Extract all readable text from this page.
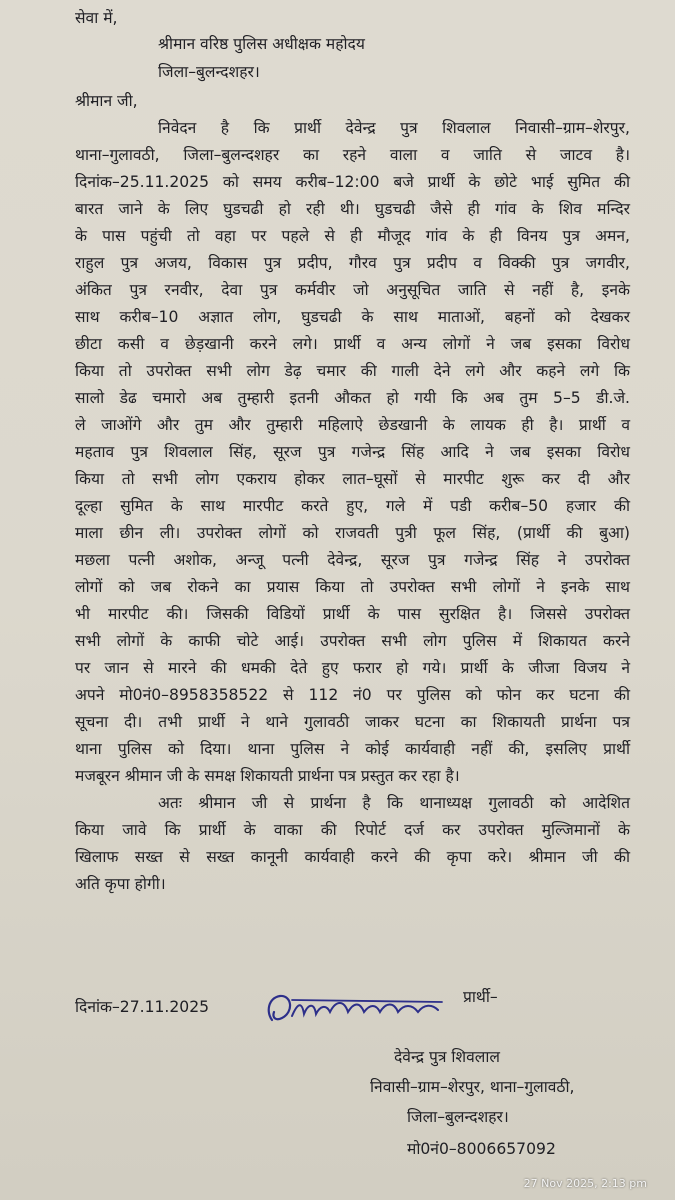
सेवा में,
श्रीमान वरिष्ठ पुलिस अधीक्षक महोदय
जिला–बुलन्दशहर।
श्रीमान जी,
निवेदन है कि प्रार्थी देवेन्द्र पुत्र शिवलाल निवासी–ग्राम–शेरपुर,
थाना–गुलावठी, जिला–बुलन्दशहर का रहने वाला व जाति से जाटव है।
दिनांक–25.11.2025 को समय करीब–12:00 बजे प्रार्थी के छोटे भाई सुमित की
बारत जाने के लिए घुडचढी हो रही थी। घुडचढी जैसे ही गांव के शिव मन्दिर
के पास पहुंची तो वहा पर पहले से ही मौजूद गांव के ही विनय पुत्र अमन,
राहुल पुत्र अजय, विकास पुत्र प्रदीप, गौरव पुत्र प्रदीप व विक्की पुत्र जगवीर,
अंकित पुत्र रनवीर, देवा पुत्र कर्मवीर जो अनुसूचित जाति से नहीं है, इनके
साथ करीब–10 अज्ञात लोग, घुडचढी के साथ माताओं, बहनों को देखकर
छीटा कसी व छेड़खानी करने लगे। प्रार्थी व अन्य लोगों ने जब इसका विरोध
किया तो उपरोक्त सभी लोग डेढ़ चमार की गाली देने लगे और कहने लगे कि
सालो डेढ चमारो अब तुम्हारी इतनी औकत हो गयी कि अब तुम 5–5 डी.जे.
ले जाओंगे और तुम और तुम्हारी महिलाऐ छेडखानी के लायक ही है। प्रार्थी व
महताव पुत्र शिवलाल सिंह, सूरज पुत्र गजेन्द्र सिंह आदि ने जब इसका विरोध
किया तो सभी लोग एकराय होकर लात–घूसों से मारपीट शुरू कर दी और
दूल्हा सुमित के साथ मारपीट करते हुए, गले में पडी करीब–50 हजार की
माला छीन ली। उपरोक्त लोगों को राजवती पुत्री फूल सिंह, (प्रार्थी की बुआ)
मछला पत्नी अशोक, अन्जू पत्नी देवेन्द्र, सूरज पुत्र गजेन्द्र सिंह ने उपरोक्त
लोगों को जब रोकने का प्रयास किया तो उपरोक्त सभी लोगों ने इनके साथ
भी मारपीट की। जिसकी विडियों प्रार्थी के पास सुरक्षित है। जिससे उपरोक्त
सभी लोगों के काफी चोटे आई। उपरोक्त सभी लोग पुलिस में शिकायत करने
पर जान से मारने की धमकी देते हुए फरार हो गये। प्रार्थी के जीजा विजय ने
अपने मो0नं0–8958358522 से 112 नं0 पर पुलिस को फोन कर घटना की
सूचना दी। तभी प्रार्थी ने थाने गुलावठी जाकर घटना का शिकायती प्रार्थना पत्र
थाना पुलिस को दिया। थाना पुलिस ने कोई कार्यवाही नहीं की, इसलिए प्रार्थी
मजबूरन श्रीमान जी के समक्ष शिकायती प्रार्थना पत्र प्रस्तुत कर रहा है।
अतः श्रीमान जी से प्रार्थना है कि थानाध्यक्ष गुलावठी को आदेशित
किया जावे कि प्रार्थी के वाका की रिपोर्ट दर्ज कर उपरोक्त मुल्जिमानों के
खिलाफ सख्त से सख्त कानूनी कार्यवाही करने की कृपा करे। श्रीमान जी की
अति कृपा होगी।
दिनांक–27.11.2025
प्रार्थी–
देवेन्द्र पुत्र शिवलाल
निवासी–ग्राम–शेरपुर, थाना–गुलावठी,
जिला–बुलन्दशहर।
मो0नं0–8006657092
27 Nov 2025, 2:13 pm
